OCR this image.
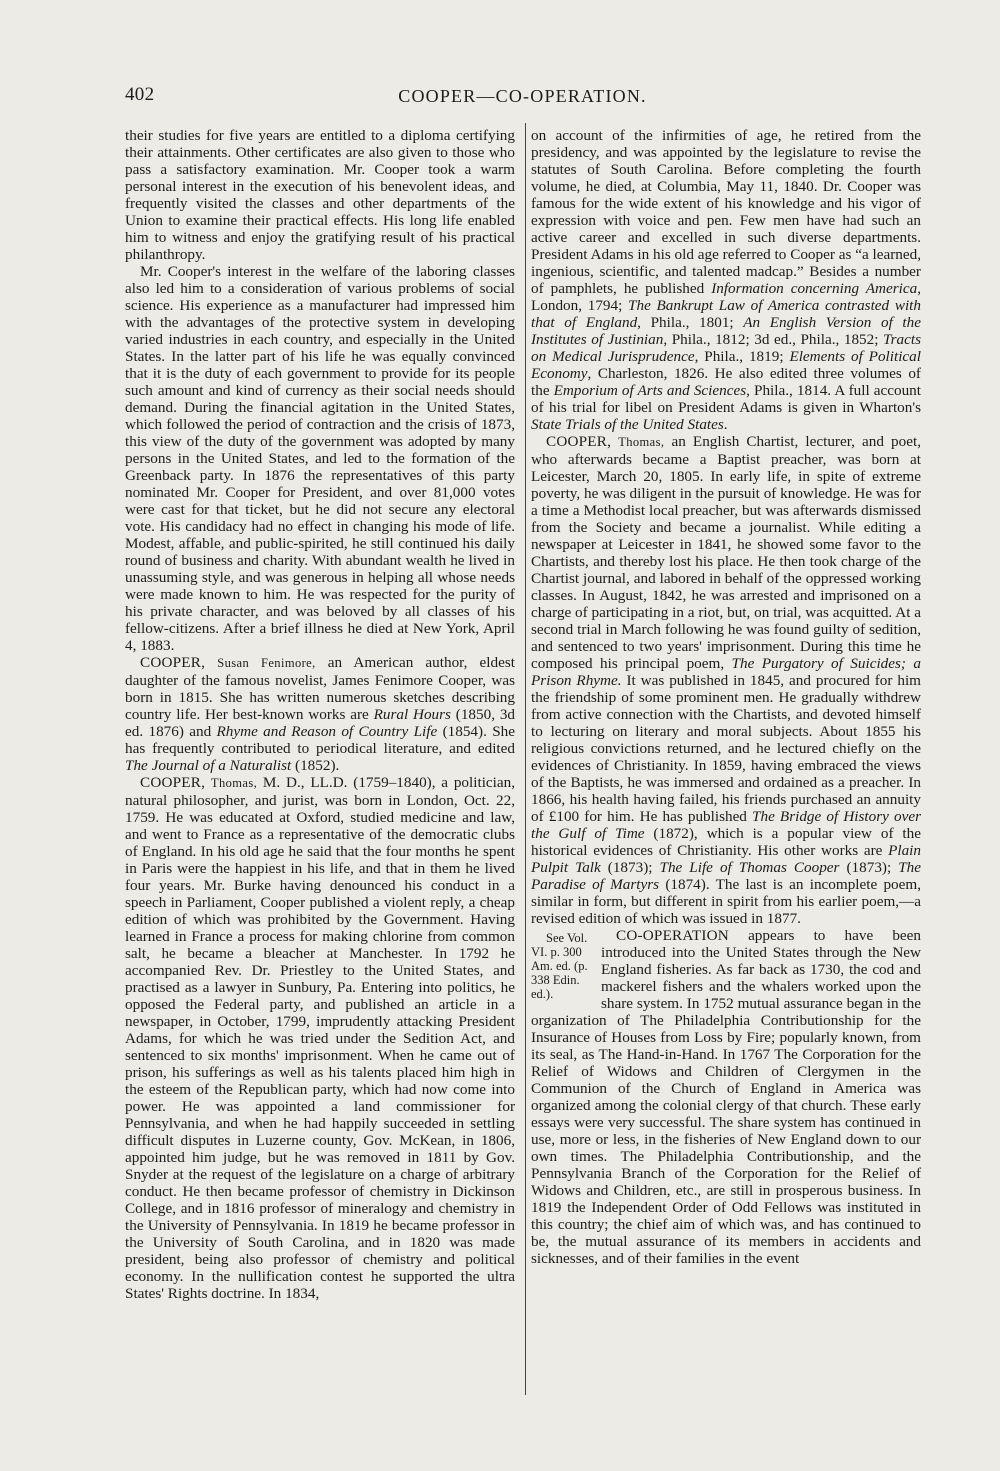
402	COOPER—CO-OPERATION.

their studies for five years are entitled to a diploma certifying their attainments. Other certificates are also given to those who pass a satisfactory examination. Mr. Cooper took a warm personal interest in the execution of his benevolent ideas, and frequently visited the classes and other departments of the Union to examine their practical effects. His long life enabled him to witness and enjoy the gratifying result of his practical philanthropy.

Mr. Cooper's interest in the welfare of the laboring classes also led him to a consideration of various problems of social science. His experience as a manufacturer had impressed him with the advantages of the protective system in developing varied industries in each country, and especially in the United States. In the latter part of his life he was equally convinced that it is the duty of each government to provide for its people such amount and kind of currency as their social needs should demand. During the financial agitation in the United States, which followed the period of contraction and the crisis of 1873, this view of the duty of the government was adopted by many persons in the United States, and led to the formation of the Greenback party. In 1876 the representatives of this party nominated Mr. Cooper for President, and over 81,000 votes were cast for that ticket, but he did not secure any electoral vote. His candidacy had no effect in changing his mode of life. Modest, affable, and public-spirited, he still continued his daily round of business and charity. With abundant wealth he lived in unassuming style, and was generous in helping all whose needs were made known to him. He was respected for the purity of his private character, and was beloved by all classes of his fellow-citizens. After a brief illness he died at New York, April 4, 1883.

COOPER, Susan Fenimore, an American author, eldest daughter of the famous novelist, James Fenimore Cooper, was born in 1815. She has written numerous sketches describing country life. Her best-known works are Rural Hours (1850, 3d ed. 1876) and Rhyme and Reason of Country Life (1854). She has frequently contributed to periodical literature, and edited The Journal of a Naturalist (1852).

COOPER, Thomas, M. D., LL.D. (1759–1840), a politician, natural philosopher, and jurist, was born in London, Oct. 22, 1759. He was educated at Oxford, studied medicine and law, and went to France as a representative of the democratic clubs of England. In his old age he said that the four months he spent in Paris were the happiest in his life, and that in them he lived four years. Mr. Burke having denounced his conduct in a speech in Parliament, Cooper published a violent reply, a cheap edition of which was prohibited by the Government. Having learned in France a process for making chlorine from common salt, he became a bleacher at Manchester. In 1792 he accompanied Rev. Dr. Priestley to the United States, and practised as a lawyer in Sunbury, Pa. Entering into politics, he opposed the Federal party, and published an article in a newspaper, in October, 1799, imprudently attacking President Adams, for which he was tried under the Sedition Act, and sentenced to six months' imprisonment. When he came out of prison, his sufferings as well as his talents placed him high in the esteem of the Republican party, which had now come into power. He was appointed a land commissioner for Pennsylvania, and when he had happily succeeded in settling difficult disputes in Luzerne county, Gov. McKean, in 1806, appointed him judge, but he was removed in 1811 by Gov. Snyder at the request of the legislature on a charge of arbitrary conduct. He then became professor of chemistry in Dickinson College, and in 1816 professor of mineralogy and chemistry in the University of Pennsylvania. In 1819 he became professor in the University of South Carolina, and in 1820 was made president, being also professor of chemistry and political economy. In the nullification contest he supported the ultra States' Rights doctrine. In 1834,

on account of the infirmities of age, he retired from the presidency, and was appointed by the legislature to revise the statutes of South Carolina. Before completing the fourth volume, he died, at Columbia, May 11, 1840. Dr. Cooper was famous for the wide extent of his knowledge and his vigor of expression with voice and pen. Few men have had such an active career and excelled in such diverse departments. President Adams in his old age referred to Cooper as “a learned, ingenious, scientific, and talented madcap.” Besides a number of pamphlets, he published Information concerning America, London, 1794; The Bankrupt Law of America contrasted with that of England, Phila., 1801; An English Version of the Institutes of Justinian, Phila., 1812; 3d ed., Phila., 1852; Tracts on Medical Jurisprudence, Phila., 1819; Elements of Political Economy, Charleston, 1826. He also edited three volumes of the Emporium of Arts and Sciences, Phila., 1814. A full account of his trial for libel on President Adams is given in Wharton's State Trials of the United States.

COOPER, Thomas, an English Chartist, lecturer, and poet, who afterwards became a Baptist preacher, was born at Leicester, March 20, 1805. In early life, in spite of extreme poverty, he was diligent in the pursuit of knowledge. He was for a time a Methodist local preacher, but was afterwards dismissed from the Society and became a journalist. While editing a newspaper at Leicester in 1841, he showed some favor to the Chartists, and thereby lost his place. He then took charge of the Chartist journal, and labored in behalf of the oppressed working classes. In August, 1842, he was arrested and imprisoned on a charge of participating in a riot, but, on trial, was acquitted. At a second trial in March following he was found guilty of sedition, and sentenced to two years' imprisonment. During this time he composed his principal poem, The Purgatory of Suicides; a Prison Rhyme. It was published in 1845, and procured for him the friendship of some prominent men. He gradually withdrew from active connection with the Chartists, and devoted himself to lecturing on literary and moral subjects. About 1855 his religious convictions returned, and he lectured chiefly on the evidences of Christianity. In 1859, having embraced the views of the Baptists, he was immersed and ordained as a preacher. In 1866, his health having failed, his friends purchased an annuity of £100 for him. He has published The Bridge of History over the Gulf of Time (1872), which is a popular view of the historical evidences of Christianity. His other works are Plain Pulpit Talk (1873); The Life of Thomas Cooper (1873); The Paradise of Martyrs (1874). The last is an incomplete poem, similar in form, but different in spirit from his earlier poem,—a revised edition of which was issued in 1877.

CO-OPERATION
See Vol. VI. p. 300 Am. ed. (p. 338 Edin. ed.).
appears to have been introduced into the United States through the New England fisheries. As far back as 1730, the cod and mackerel fishers and the whalers worked upon the share system. In 1752 mutual assurance began in the organization of The Philadelphia Contributionship for the Insurance of Houses from Loss by Fire; popularly known, from its seal, as The Hand-in-Hand. In 1767 The Corporation for the Relief of Widows and Children of Clergymen in the Communion of the Church of England in America was organized among the colonial clergy of that church. These early essays were very successful. The share system has continued in use, more or less, in the fisheries of New England down to our own times. The Philadelphia Contributionship, and the Pennsylvania Branch of the Corporation for the Relief of Widows and Children, etc., are still in prosperous business. In 1819 the Independent Order of Odd Fellows was instituted in this country; the chief aim of which was, and has continued to be, the mutual assurance of its members in accidents and sicknesses, and of their families in the event
